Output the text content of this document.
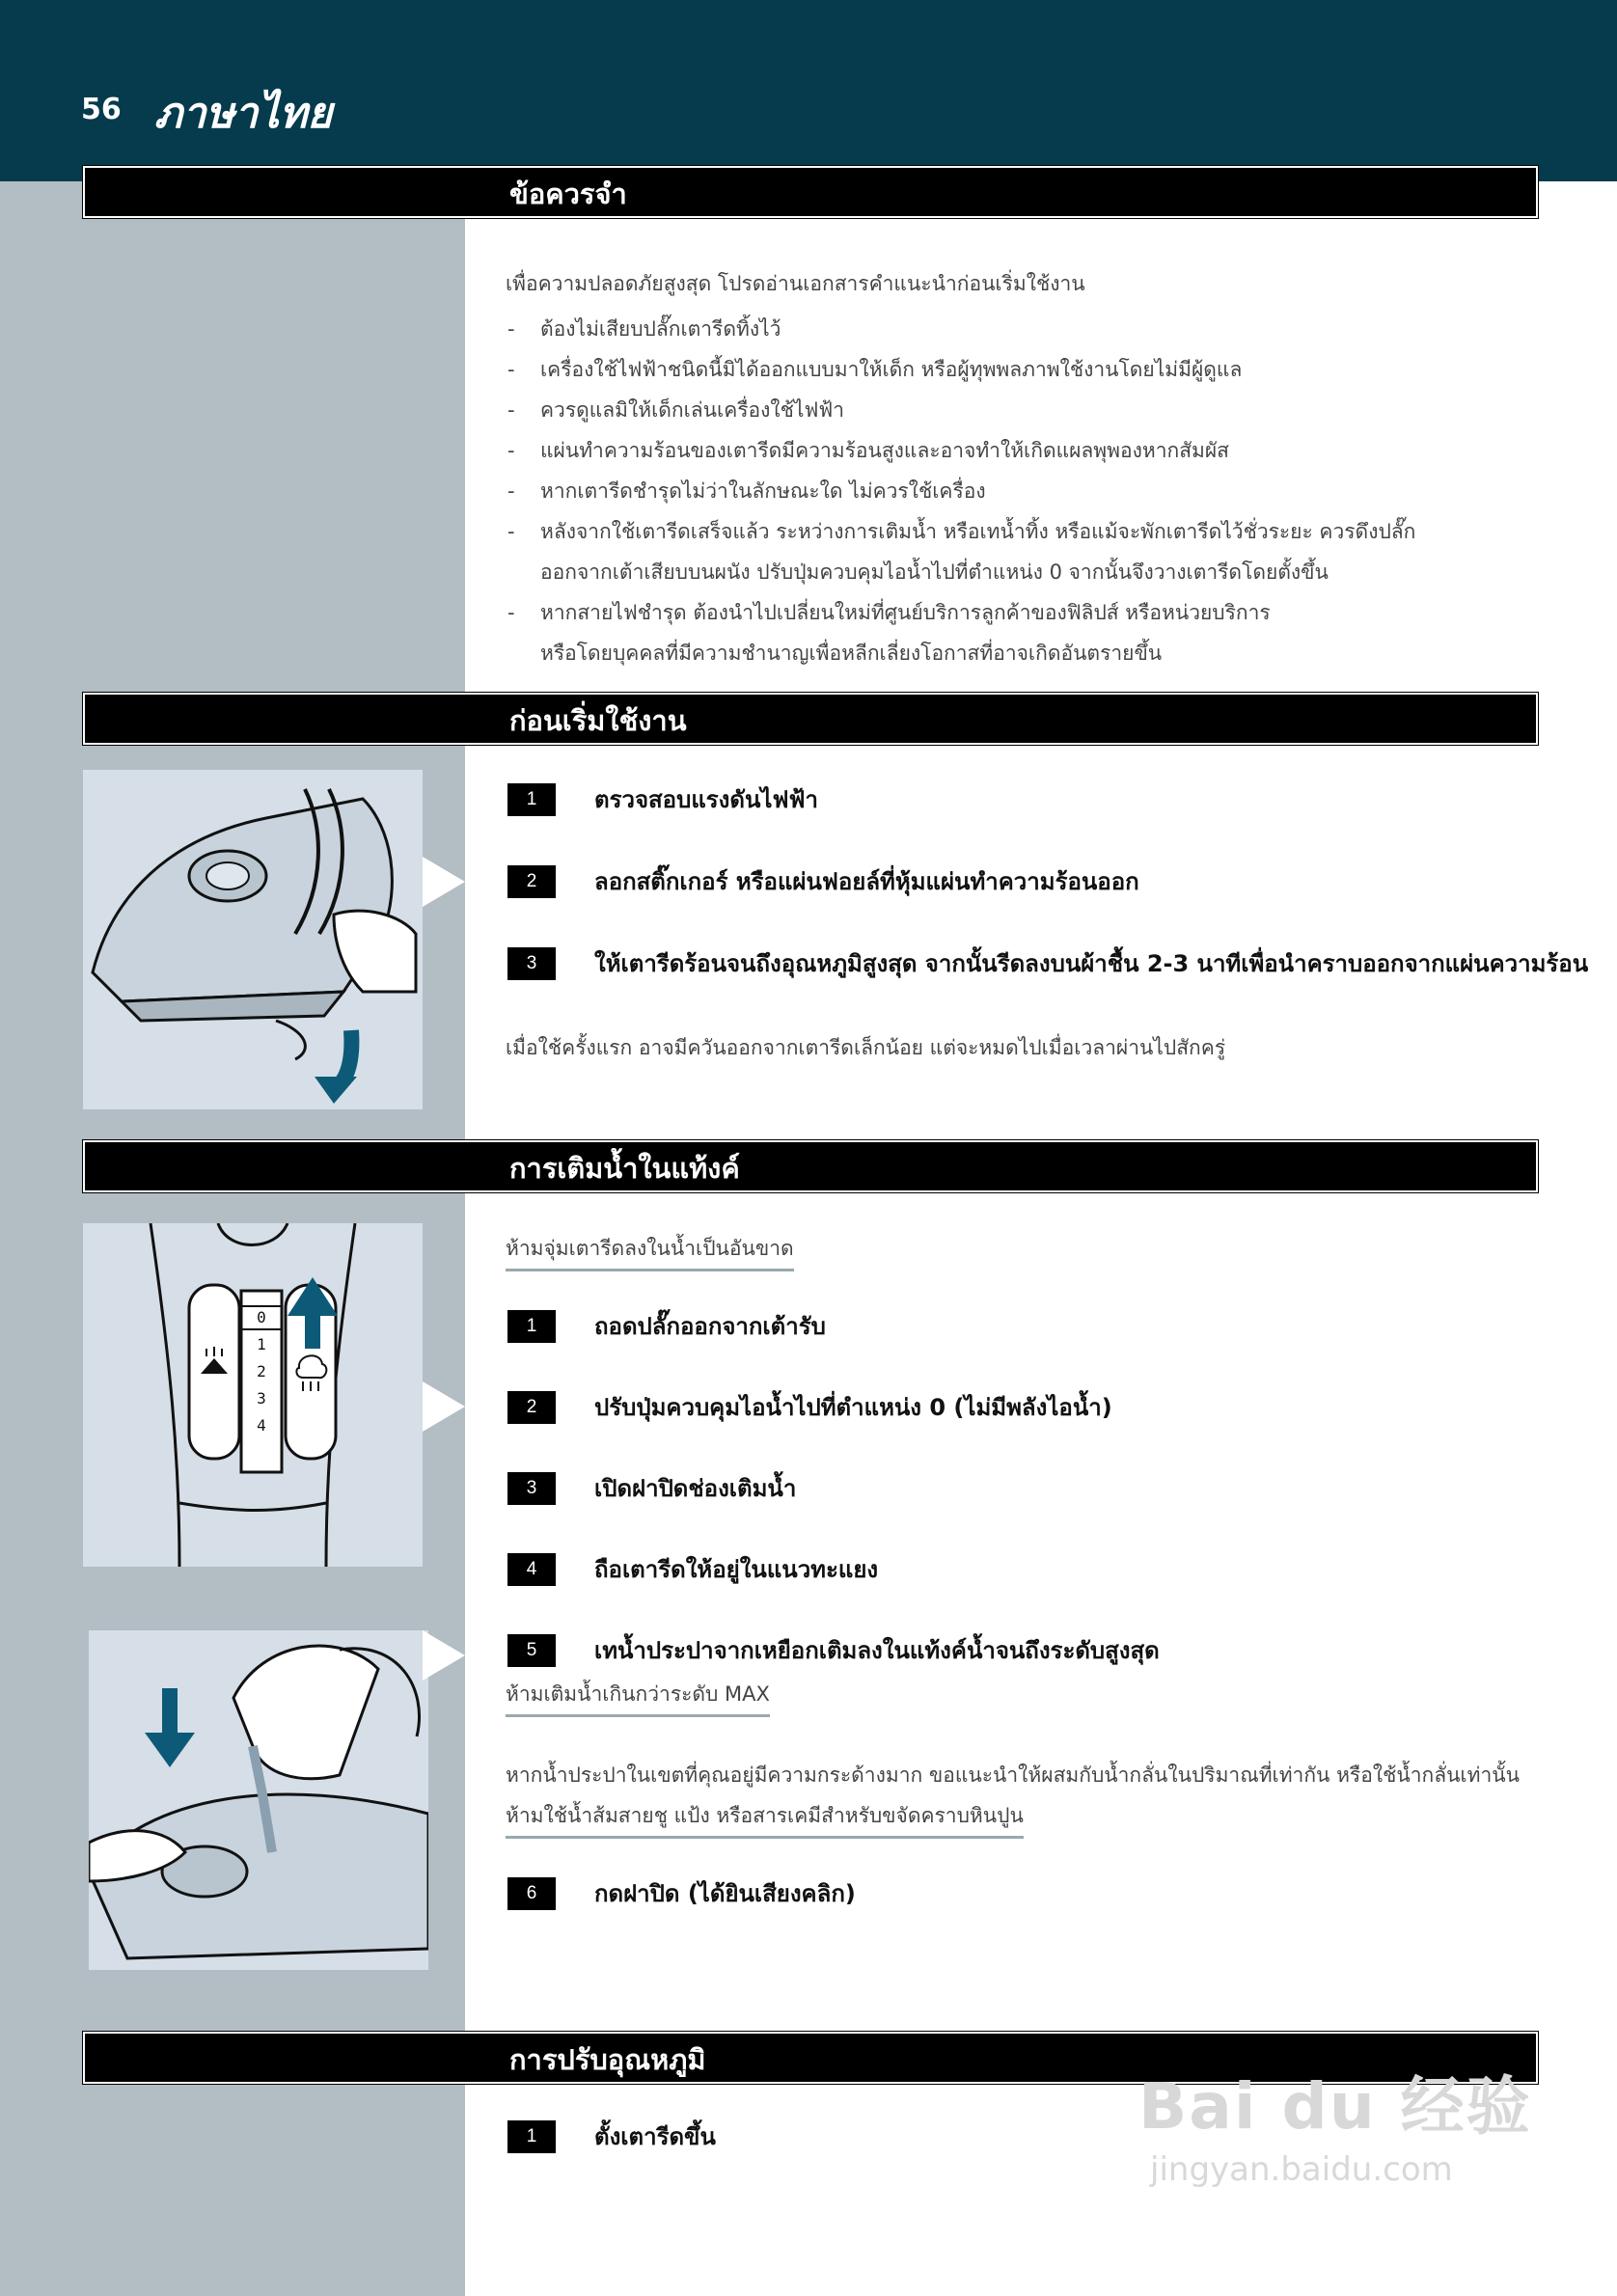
56 ภาษาไทย
ข้อควรจำ
เพื่อความปลอดภัยสูงสุด โปรดอ่านเอกสารคำแนะนำก่อนเริ่มใช้งาน
- ต้องไม่เสียบปลั๊กเตารีดทิ้งไว้
- เครื่องใช้ไฟฟ้าชนิดนี้มิได้ออกแบบมาให้เด็ก หรือผู้ทุพพลภาพใช้งานโดยไม่มีผู้ดูแล
- ควรดูแลมิให้เด็กเล่นเครื่องใช้ไฟฟ้า
- แผ่นทำความร้อนของเตารีดมีความร้อนสูงและอาจทำให้เกิดแผลพุพองหากสัมผัส
- หากเตารีดชำรุดไม่ว่าในลักษณะใด ไม่ควรใช้เครื่อง
- หลังจากใช้เตารีดเสร็จแล้ว ระหว่างการเติมน้ำ หรือเทน้ำทิ้ง หรือแม้จะพักเตารีดไว้ชั่วระยะ ควรดึงปลั๊ก
ออกจากเต้าเสียบบนผนัง ปรับปุ่มควบคุมไอน้ำไปที่ตำแหน่ง 0 จากนั้นจึงวางเตารีดโดยตั้งขึ้น
- หากสายไฟชำรุด ต้องนำไปเปลี่ยนใหม่ที่ศูนย์บริการลูกค้าของฟิลิปส์ หรือหน่วยบริการ
หรือโดยบุคคลที่มีความชำนาญเพื่อหลีกเลี่ยงโอกาสที่อาจเกิดอันตรายขึ้น
ก่อนเริ่มใช้งาน
1	ตรวจสอบแรงดันไฟฟ้า
2	ลอกสติ๊กเกอร์ หรือแผ่นฟอยล์ที่หุ้มแผ่นทำความร้อนออก
3	ให้เตารีดร้อนจนถึงอุณหภูมิสูงสุด จากนั้นรีดลงบนผ้าชื้น 2-3 นาทีเพื่อนำคราบออกจากแผ่นความร้อน
เมื่อใช้ครั้งแรก อาจมีควันออกจากเตารีดเล็กน้อย แต่จะหมดไปเมื่อเวลาผ่านไปสักครู่
การเติมน้ำในแท้งค์
0
1
2
3
4
ห้ามจุ่มเตารีดลงในน้ำเป็นอันขาด
1	ถอดปลั๊กออกจากเต้ารับ
2	ปรับปุ่มควบคุมไอน้ำไปที่ตำแหน่ง 0 (ไม่มีพลังไอน้ำ)
3	เปิดฝาปิดช่องเติมน้ำ
4	ถือเตารีดให้อยู่ในแนวทะแยง
5	เทน้ำประปาจากเหยือกเติมลงในแท้งค์น้ำจนถึงระดับสูงสุด
ห้ามเติมน้ำเกินกว่าระดับ MAX
หากน้ำประปาในเขตที่คุณอยู่มีความกระด้างมาก ขอแนะนำให้ผสมกับน้ำกลั่นในปริมาณที่เท่ากัน หรือใช้น้ำกลั่นเท่านั้น
ห้ามใช้น้ำส้มสายชู แป้ง หรือสารเคมีสำหรับขจัดคราบหินปูน
6	กดฝาปิด (ได้ยินเสียงคลิก)
การปรับอุณหภูมิ
1	ตั้งเตารีดขึ้น	Bai du 经验
jingyan.baidu.com
